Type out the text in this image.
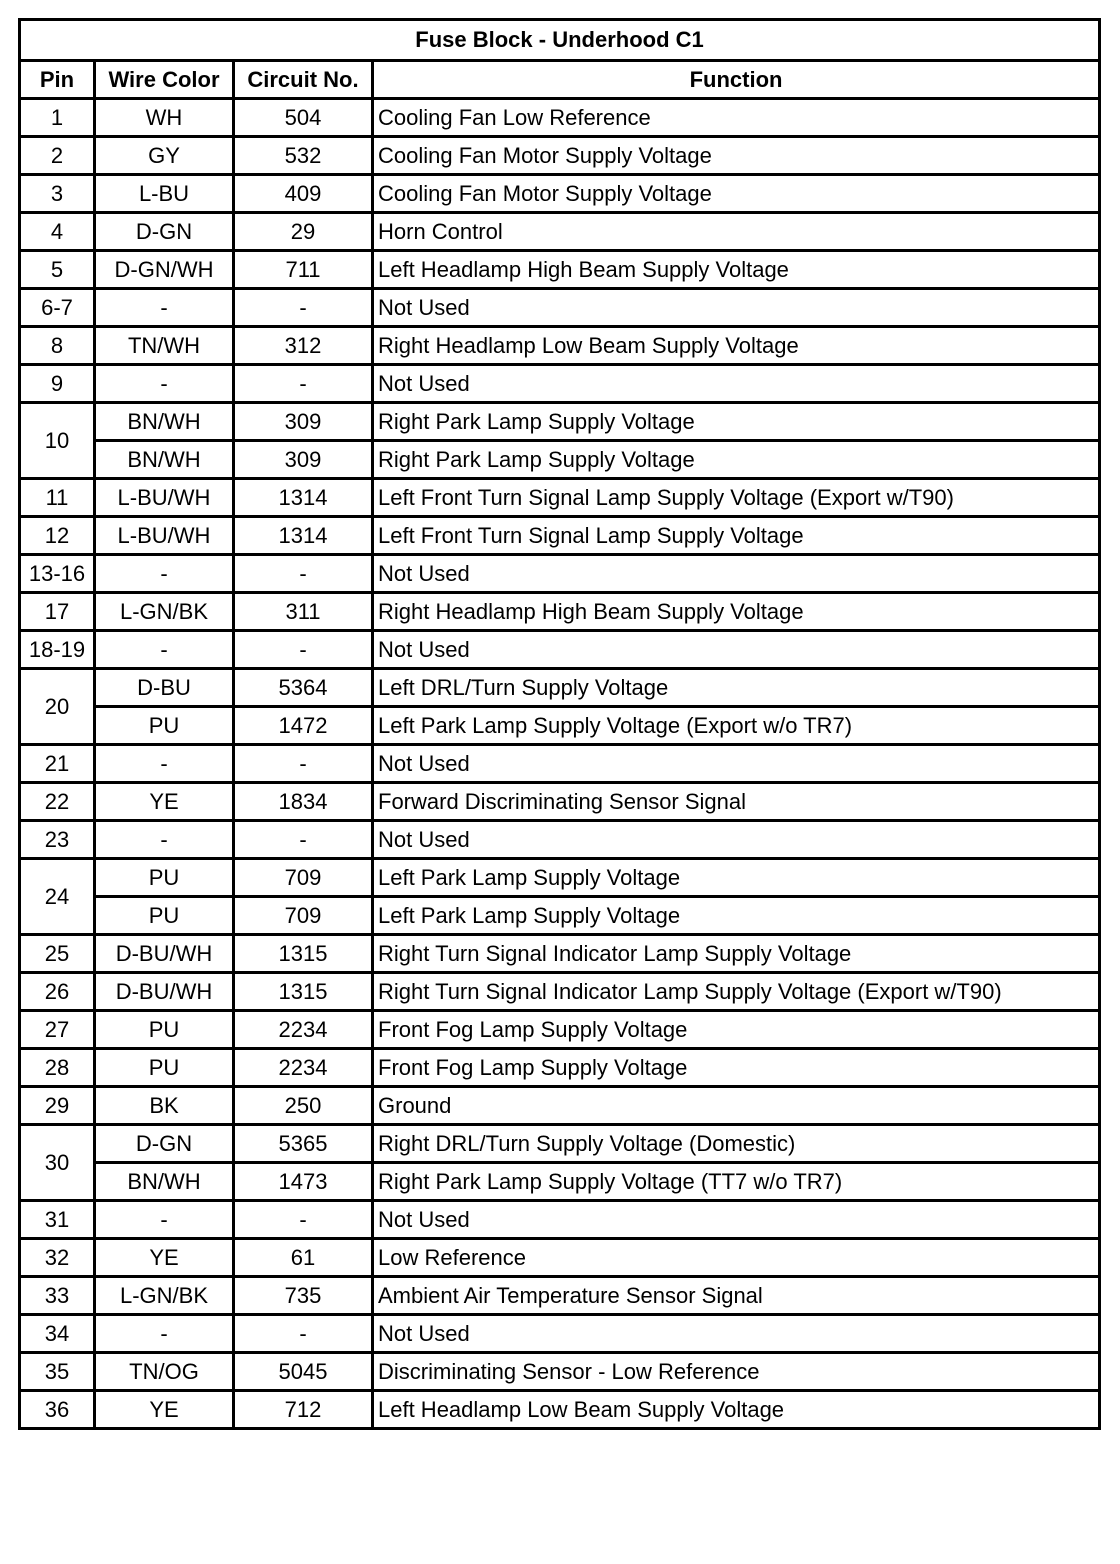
Fuse Block - Underhood C1			
Pin	Wire Color	Circuit No.	Function
1	WH	504	Cooling Fan Low Reference
2	GY	532	Cooling Fan Motor Supply Voltage
3	L-BU	409	Cooling Fan Motor Supply Voltage
4	D-GN	29	Horn Control
5	D-GN/WH	711	Left Headlamp High Beam Supply Voltage
6-7	-	-	Not Used
8	TN/WH	312	Right Headlamp Low Beam Supply Voltage
9	-	-	Not Used
10	BN/WH	309	Right Park Lamp Supply Voltage
	BN/WH	309	Right Park Lamp Supply Voltage
11	L-BU/WH	1314	Left Front Turn Signal Lamp Supply Voltage (Export w/T90)
12	L-BU/WH	1314	Left Front Turn Signal Lamp Supply Voltage
13-16	-	-	Not Used
17	L-GN/BK	311	Right Headlamp High Beam Supply Voltage
18-19	-	-	Not Used
20	D-BU	5364	Left DRL/Turn Supply Voltage
	PU	1472	Left Park Lamp Supply Voltage (Export w/o TR7)
21	-	-	Not Used
22	YE	1834	Forward Discriminating Sensor Signal
23	-	-	Not Used
24	PU	709	Left Park Lamp Supply Voltage
	PU	709	Left Park Lamp Supply Voltage
25	D-BU/WH	1315	Right Turn Signal Indicator Lamp Supply Voltage
26	D-BU/WH	1315	Right Turn Signal Indicator Lamp Supply Voltage (Export w/T90)
27	PU	2234	Front Fog Lamp Supply Voltage
28	PU	2234	Front Fog Lamp Supply Voltage
29	BK	250	Ground
30	D-GN	5365	Right DRL/Turn Supply Voltage (Domestic)
	BN/WH	1473	Right Park Lamp Supply Voltage (TT7 w/o TR7)
31	-	-	Not Used
32	YE	61	Low Reference
33	L-GN/BK	735	Ambient Air Temperature Sensor Signal
34	-	-	Not Used
35	TN/OG	5045	Discriminating Sensor - Low Reference
36	YE	712	Left Headlamp Low Beam Supply Voltage
